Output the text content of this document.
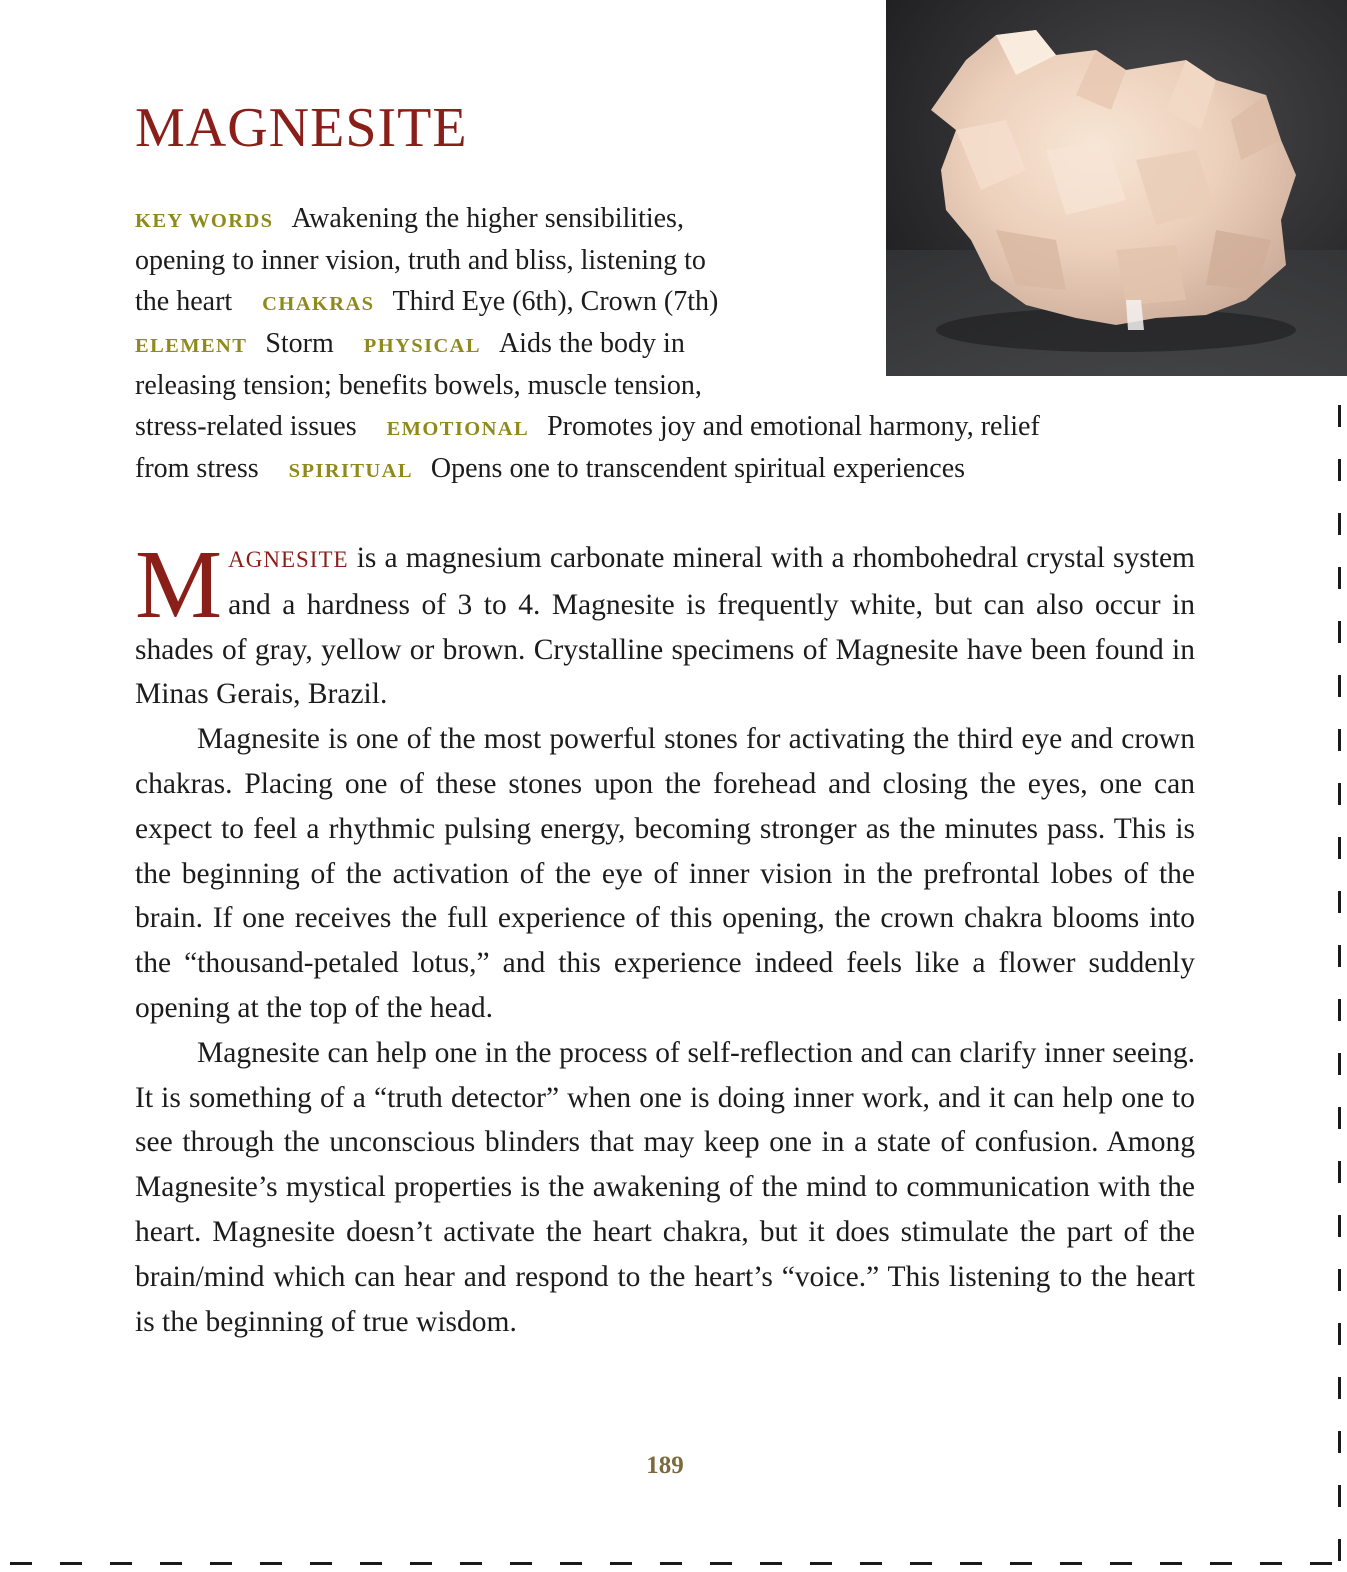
MAGNESITE
KEY WORDS Awakening the higher sensibilities,
opening to inner vision, truth and bliss, listening to
the heart CHAKRAS Third Eye (6th), Crown (7th)
ELEMENT Storm PHYSICAL Aids the body in
releasing tension; benefits bowels, muscle tension,
stress-related issues EMOTIONAL Promotes joy and emotional harmony, relief
from stress SPIRITUAL Opens one to transcendent spiritual experiences

MAGNESITE is a magnesium carbonate mineral with a rhombohedral crystal system and a hardness of 3 to 4. Magnesite is frequently white, but can also occur in shades of gray, yellow or brown. Crystalline specimens of Magnesite have been found in Minas Gerais, Brazil.

Magnesite is one of the most powerful stones for activating the third eye and crown chakras. Placing one of these stones upon the forehead and closing the eyes, one can expect to feel a rhythmic pulsing energy, becoming stronger as the minutes pass. This is the beginning of the activation of the eye of inner vision in the prefrontal lobes of the brain. If one receives the full experience of this opening, the crown chakra blooms into the “thousand-petaled lotus,” and this experience indeed feels like a flower suddenly opening at the top of the head.

Magnesite can help one in the process of self-reflection and can clarify inner seeing. It is something of a “truth detector” when one is doing inner work, and it can help one to see through the unconscious blinders that may keep one in a state of confusion. Among Magnesite’s mystical properties is the awakening of the mind to communication with the heart. Magnesite doesn’t activate the heart chakra, but it does stimulate the part of the brain/mind which can hear and respond to the heart’s “voice.” This listening to the heart is the beginning of true wisdom.

189
